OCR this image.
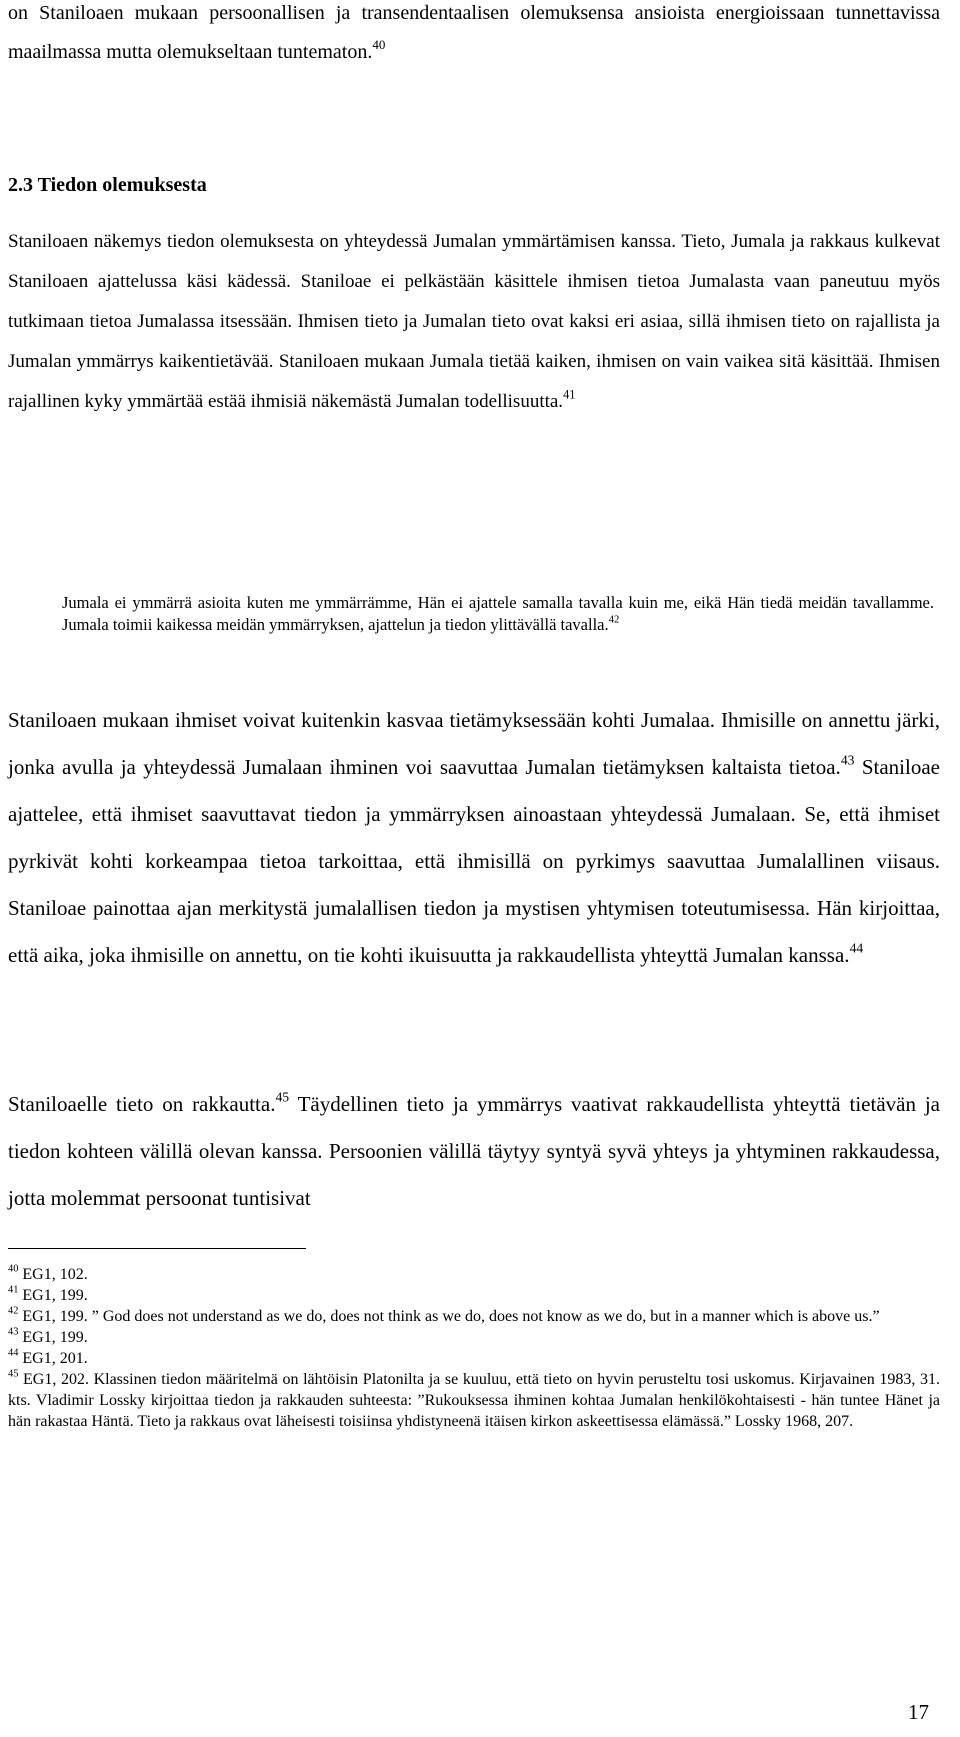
on Staniloaen mukaan persoonallisen ja transendentaalisen olemuksensa ansioista energioissaan tunnettavissa maailmassa mutta olemukseltaan tuntematon.$^{40}$

2.3 Tiedon olemuksesta

Staniloaen näkemys tiedon olemuksesta on yhteydessä Jumalan ymmärtämisen kanssa. Tieto, Jumala ja rakkaus kulkevat Staniloaen ajattelussa käsi kädessä. Staniloae ei pelkästään käsittele ihmisen tietoa Jumalasta vaan paneutuu myös tutkimaan tietoa Jumalassa itsessään. Ihmisen tieto ja Jumalan tieto ovat kaksi eri asiaa, sillä ihmisen tieto on rajallista ja Jumalan ymmärrys kaikentietävää. Staniloaen mukaan Jumala tietää kaiken, ihmisen on vain vaikea sitä käsittää. Ihmisen rajallinen kyky ymmärtää estää ihmisiä näkemästä Jumalan todellisuutta.$^{41}$

Jumala ei ymmärrä asioita kuten me ymmärrämme, Hän ei ajattele samalla tavalla kuin me, eikä Hän tiedä meidän tavallamme. Jumala toimii kaikessa meidän ymmärryksen, ajattelun ja tiedon ylittävällä tavalla.$^{42}$

Staniloaen mukaan ihmiset voivat kuitenkin kasvaa tietämyksessään kohti Jumalaa. Ihmisille on annettu järki, jonka avulla ja yhteydessä Jumalaan ihminen voi saavuttaa Jumalan tietämyksen kaltaista tietoa.$^{43}$ Staniloae ajattelee, että ihmiset saavuttavat tiedon ja ymmärryksen ainoastaan yhteydessä Jumalaan. Se, että ihmiset pyrkivät kohti korkeampaa tietoa tarkoittaa, että ihmisillä on pyrkimys saavuttaa Jumalallinen viisaus. Staniloae painottaa ajan merkitystä jumalallisen tiedon ja mystisen yhtymisen toteutumisessa. Hän kirjoittaa, että aika, joka ihmisille on annettu, on tie kohti ikuisuutta ja rakkaudellista yhteyttä Jumalan kanssa.$^{44}$

Staniloaelle tieto on rakkautta.$^{45}$ Täydellinen tieto ja ymmärrys vaativat rakkaudellista yhteyttä tietävän ja tiedon kohteen välillä olevan kanssa. Persoonien välillä täytyy syntyä syvä yhteys ja yhtyminen rakkaudessa, jotta molemmat persoonat tuntisivat

$^{40}$ EG1, 102.
$^{41}$ EG1, 199.
$^{42}$ EG1, 199. ” God does not understand as we do, does not think as we do, does not know as we do, but in a manner which is above us.”
$^{43}$ EG1, 199.
$^{44}$ EG1, 201.
$^{45}$ EG1, 202. Klassinen tiedon määritelmä on lähtöisin Platonilta ja se kuuluu, että tieto on hyvin perusteltu tosi uskomus. Kirjavainen 1983, 31. kts. Vladimir Lossky kirjoittaa tiedon ja rakkauden suhteesta: ”Rukouksessa ihminen kohtaa Jumalan henkilökohtaisesti - hän tuntee Hänet ja hän rakastaa Häntä. Tieto ja rakkaus ovat läheisesti toisiinsa yhdistyneenä itäisen kirkon askeettisessa elämässä.” Lossky 1968, 207.
17
